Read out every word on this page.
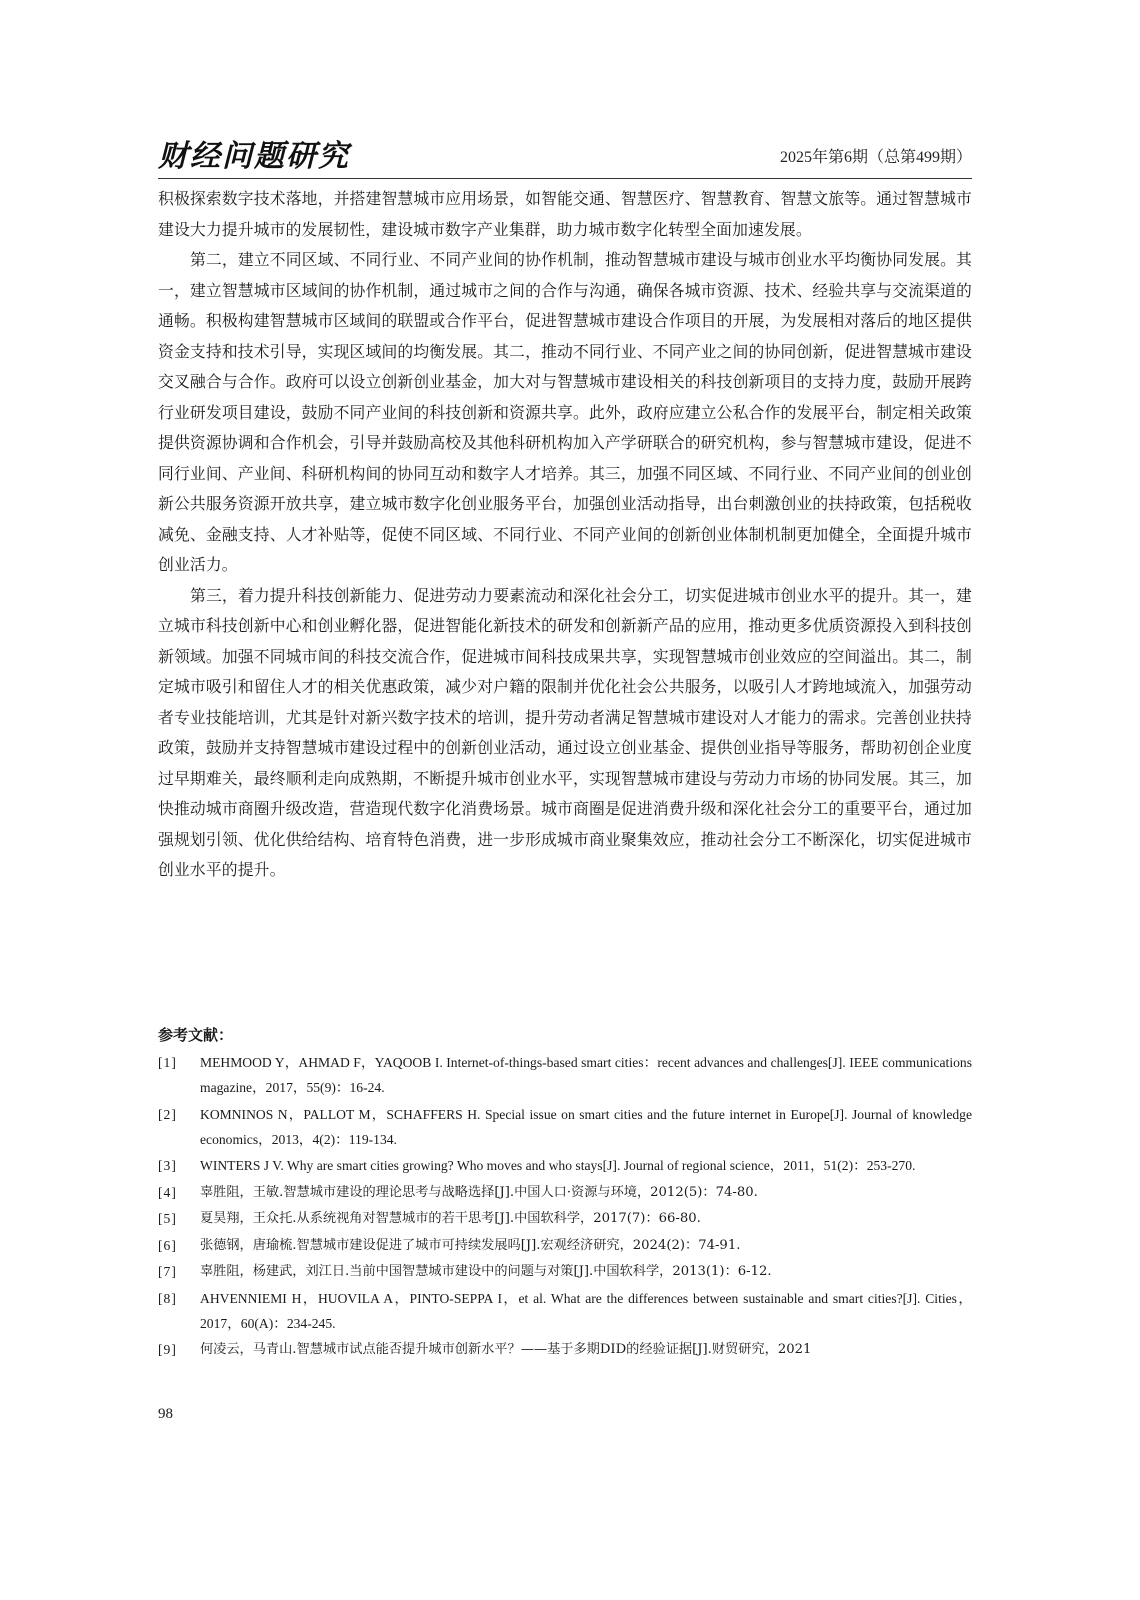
财经问题研究	2025年第6期（总第499期）

积极探索数字技术落地，并搭建智慧城市应用场景，如智能交通、智慧医疗、智慧教育、智慧文旅等。通过智慧城市建设大力提升城市的发展韧性，建设城市数字产业集群，助力城市数字化转型全面加速发展。

第二，建立不同区域、不同行业、不同产业间的协作机制，推动智慧城市建设与城市创业水平均衡协同发展。其一，建立智慧城市区域间的协作机制，通过城市之间的合作与沟通，确保各城市资源、技术、经验共享与交流渠道的通畅。积极构建智慧城市区域间的联盟或合作平台，促进智慧城市建设合作项目的开展，为发展相对落后的地区提供资金支持和技术引导，实现区域间的均衡发展。其二，推动不同行业、不同产业之间的协同创新，促进智慧城市建设交叉融合与合作。政府可以设立创新创业基金，加大对与智慧城市建设相关的科技创新项目的支持力度，鼓励开展跨行业研发项目建设，鼓励不同产业间的科技创新和资源共享。此外，政府应建立公私合作的发展平台，制定相关政策提供资源协调和合作机会，引导并鼓励高校及其他科研机构加入产学研联合的研究机构，参与智慧城市建设，促进不同行业间、产业间、科研机构间的协同互动和数字人才培养。其三，加强不同区域、不同行业、不同产业间的创业创新公共服务资源开放共享，建立城市数字化创业服务平台，加强创业活动指导，出台刺激创业的扶持政策，包括税收减免、金融支持、人才补贴等，促使不同区域、不同行业、不同产业间的创新创业体制机制更加健全，全面提升城市创业活力。

第三，着力提升科技创新能力、促进劳动力要素流动和深化社会分工，切实促进城市创业水平的提升。其一，建立城市科技创新中心和创业孵化器，促进智能化新技术的研发和创新新产品的应用，推动更多优质资源投入到科技创新领域。加强不同城市间的科技交流合作，促进城市间科技成果共享，实现智慧城市创业效应的空间溢出。其二，制定城市吸引和留住人才的相关优惠政策，减少对户籍的限制并优化社会公共服务，以吸引人才跨地域流入，加强劳动者专业技能培训，尤其是针对新兴数字技术的培训，提升劳动者满足智慧城市建设对人才能力的需求。完善创业扶持政策，鼓励并支持智慧城市建设过程中的创新创业活动，通过设立创业基金、提供创业指导等服务，帮助初创企业度过早期难关，最终顺利走向成熟期，不断提升城市创业水平，实现智慧城市建设与劳动力市场的协同发展。其三，加快推动城市商圈升级改造，营造现代数字化消费场景。城市商圈是促进消费升级和深化社会分工的重要平台，通过加强规划引领、优化供给结构、培育特色消费，进一步形成城市商业聚集效应，推动社会分工不断深化，切实促进城市创业水平的提升。

参考文献：
[1]	MEHMOOD Y，AHMAD F，YAQOOB I. Internet-of-things-based smart cities：recent advances and challenges[J]. IEEE communications magazine，2017，55(9)：16-24.
[2]	KOMNINOS N，PALLOT M，SCHAFFERS H. Special issue on smart cities and the future internet in Europe[J]. Journal of knowledge economics，2013，4(2)：119-134.
[3]	WINTERS J V. Why are smart cities growing? Who moves and who stays[J]. Journal of regional science，2011，51(2)：253-270.
[4]	辜胜阻，王敏.智慧城市建设的理论思考与战略选择[J].中国人口·资源与环境，2012(5)：74-80.
[5]	夏昊翔，王众托.从系统视角对智慧城市的若干思考[J].中国软科学，2017(7)：66-80.
[6]	张德钢，唐瑜梳.智慧城市建设促进了城市可持续发展吗[J].宏观经济研究，2024(2)：74-91.
[7]	辜胜阻，杨建武，刘江日.当前中国智慧城市建设中的问题与对策[J].中国软科学，2013(1)：6-12.
[8]	AHVENNIEMI H，HUOVILA A，PINTO-SEPPA I，et al. What are the differences between sustainable and smart cities?[J]. Cities，2017，60(A)：234-245.
[9]	何凌云，马青山.智慧城市试点能否提升城市创新水平？——基于多期DID的经验证据[J].财贸研究，2021
98
